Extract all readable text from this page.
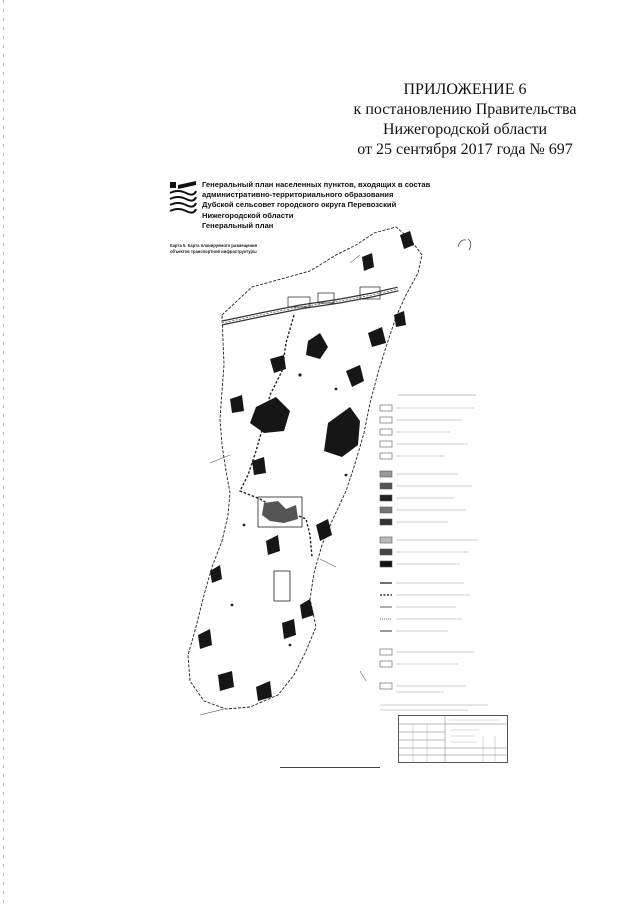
ПРИЛОЖЕНИЕ 6
к постановлению Правительства
Нижегородской области
от 25 сентября 2017 года № 697
Генеральный план населенных пунктов, входящих в состав
административно-территориального образования
Дубской сельсовет городского округа Перевозский
Нижегородской области
Генеральный план
Карта 5. Карта планируемого размещения
объектов транспортной инфраструктуры
